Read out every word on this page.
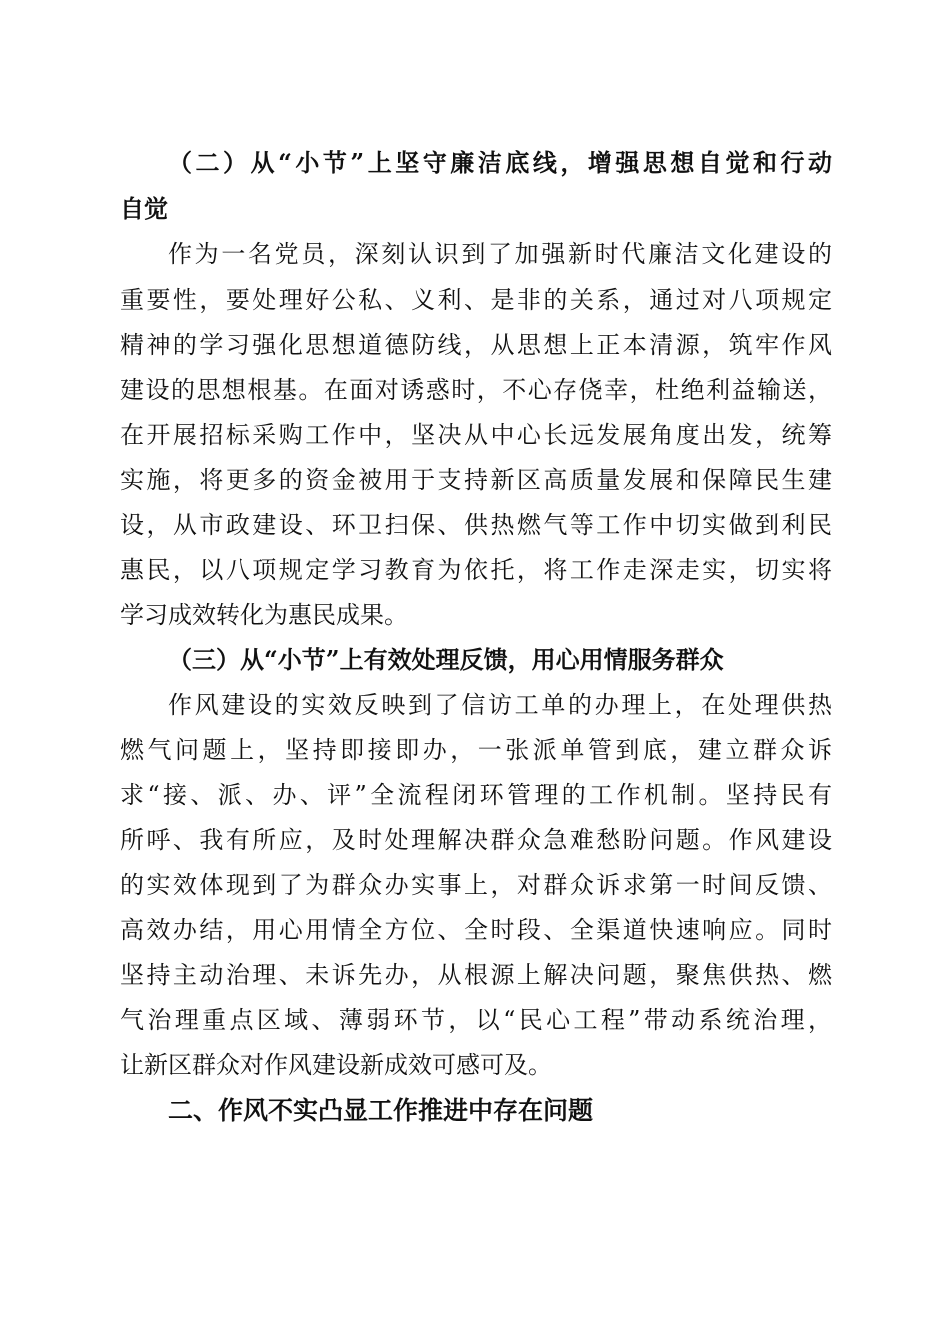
（二）从“小节”上坚守廉洁底线，增强思想自觉和行动

自觉

作为一名党员，深刻认识到了加强新时代廉洁文化建设的

重要性，要处理好公私、义利、是非的关系，通过对八项规定

精神的学习强化思想道德防线，从思想上正本清源，筑牢作风

建设的思想根基。在面对诱惑时，不心存侥幸，杜绝利益输送，

在开展招标采购工作中，坚决从中心长远发展角度出发，统筹

实施，将更多的资金被用于支持新区高质量发展和保障民生建

设，从市政建设、环卫扫保、供热燃气等工作中切实做到利民

惠民，以八项规定学习教育为依托，将工作走深走实，切实将

学习成效转化为惠民成果。

（三）从“小节”上有效处理反馈，用心用情服务群众

作风建设的实效反映到了信访工单的办理上，在处理供热

燃气问题上，坚持即接即办，一张派单管到底，建立群众诉

求“接、派、办、评”全流程闭环管理的工作机制。坚持民有

所呼、我有所应，及时处理解决群众急难愁盼问题。作风建设

的实效体现到了为群众办实事上，对群众诉求第一时间反馈、

高效办结，用心用情全方位、全时段、全渠道快速响应。同时

坚持主动治理、未诉先办，从根源上解决问题，聚焦供热、燃

气治理重点区域、薄弱环节，以“民心工程”带动系统治理，

让新区群众对作风建设新成效可感可及。

二、作风不实凸显工作推进中存在问题
